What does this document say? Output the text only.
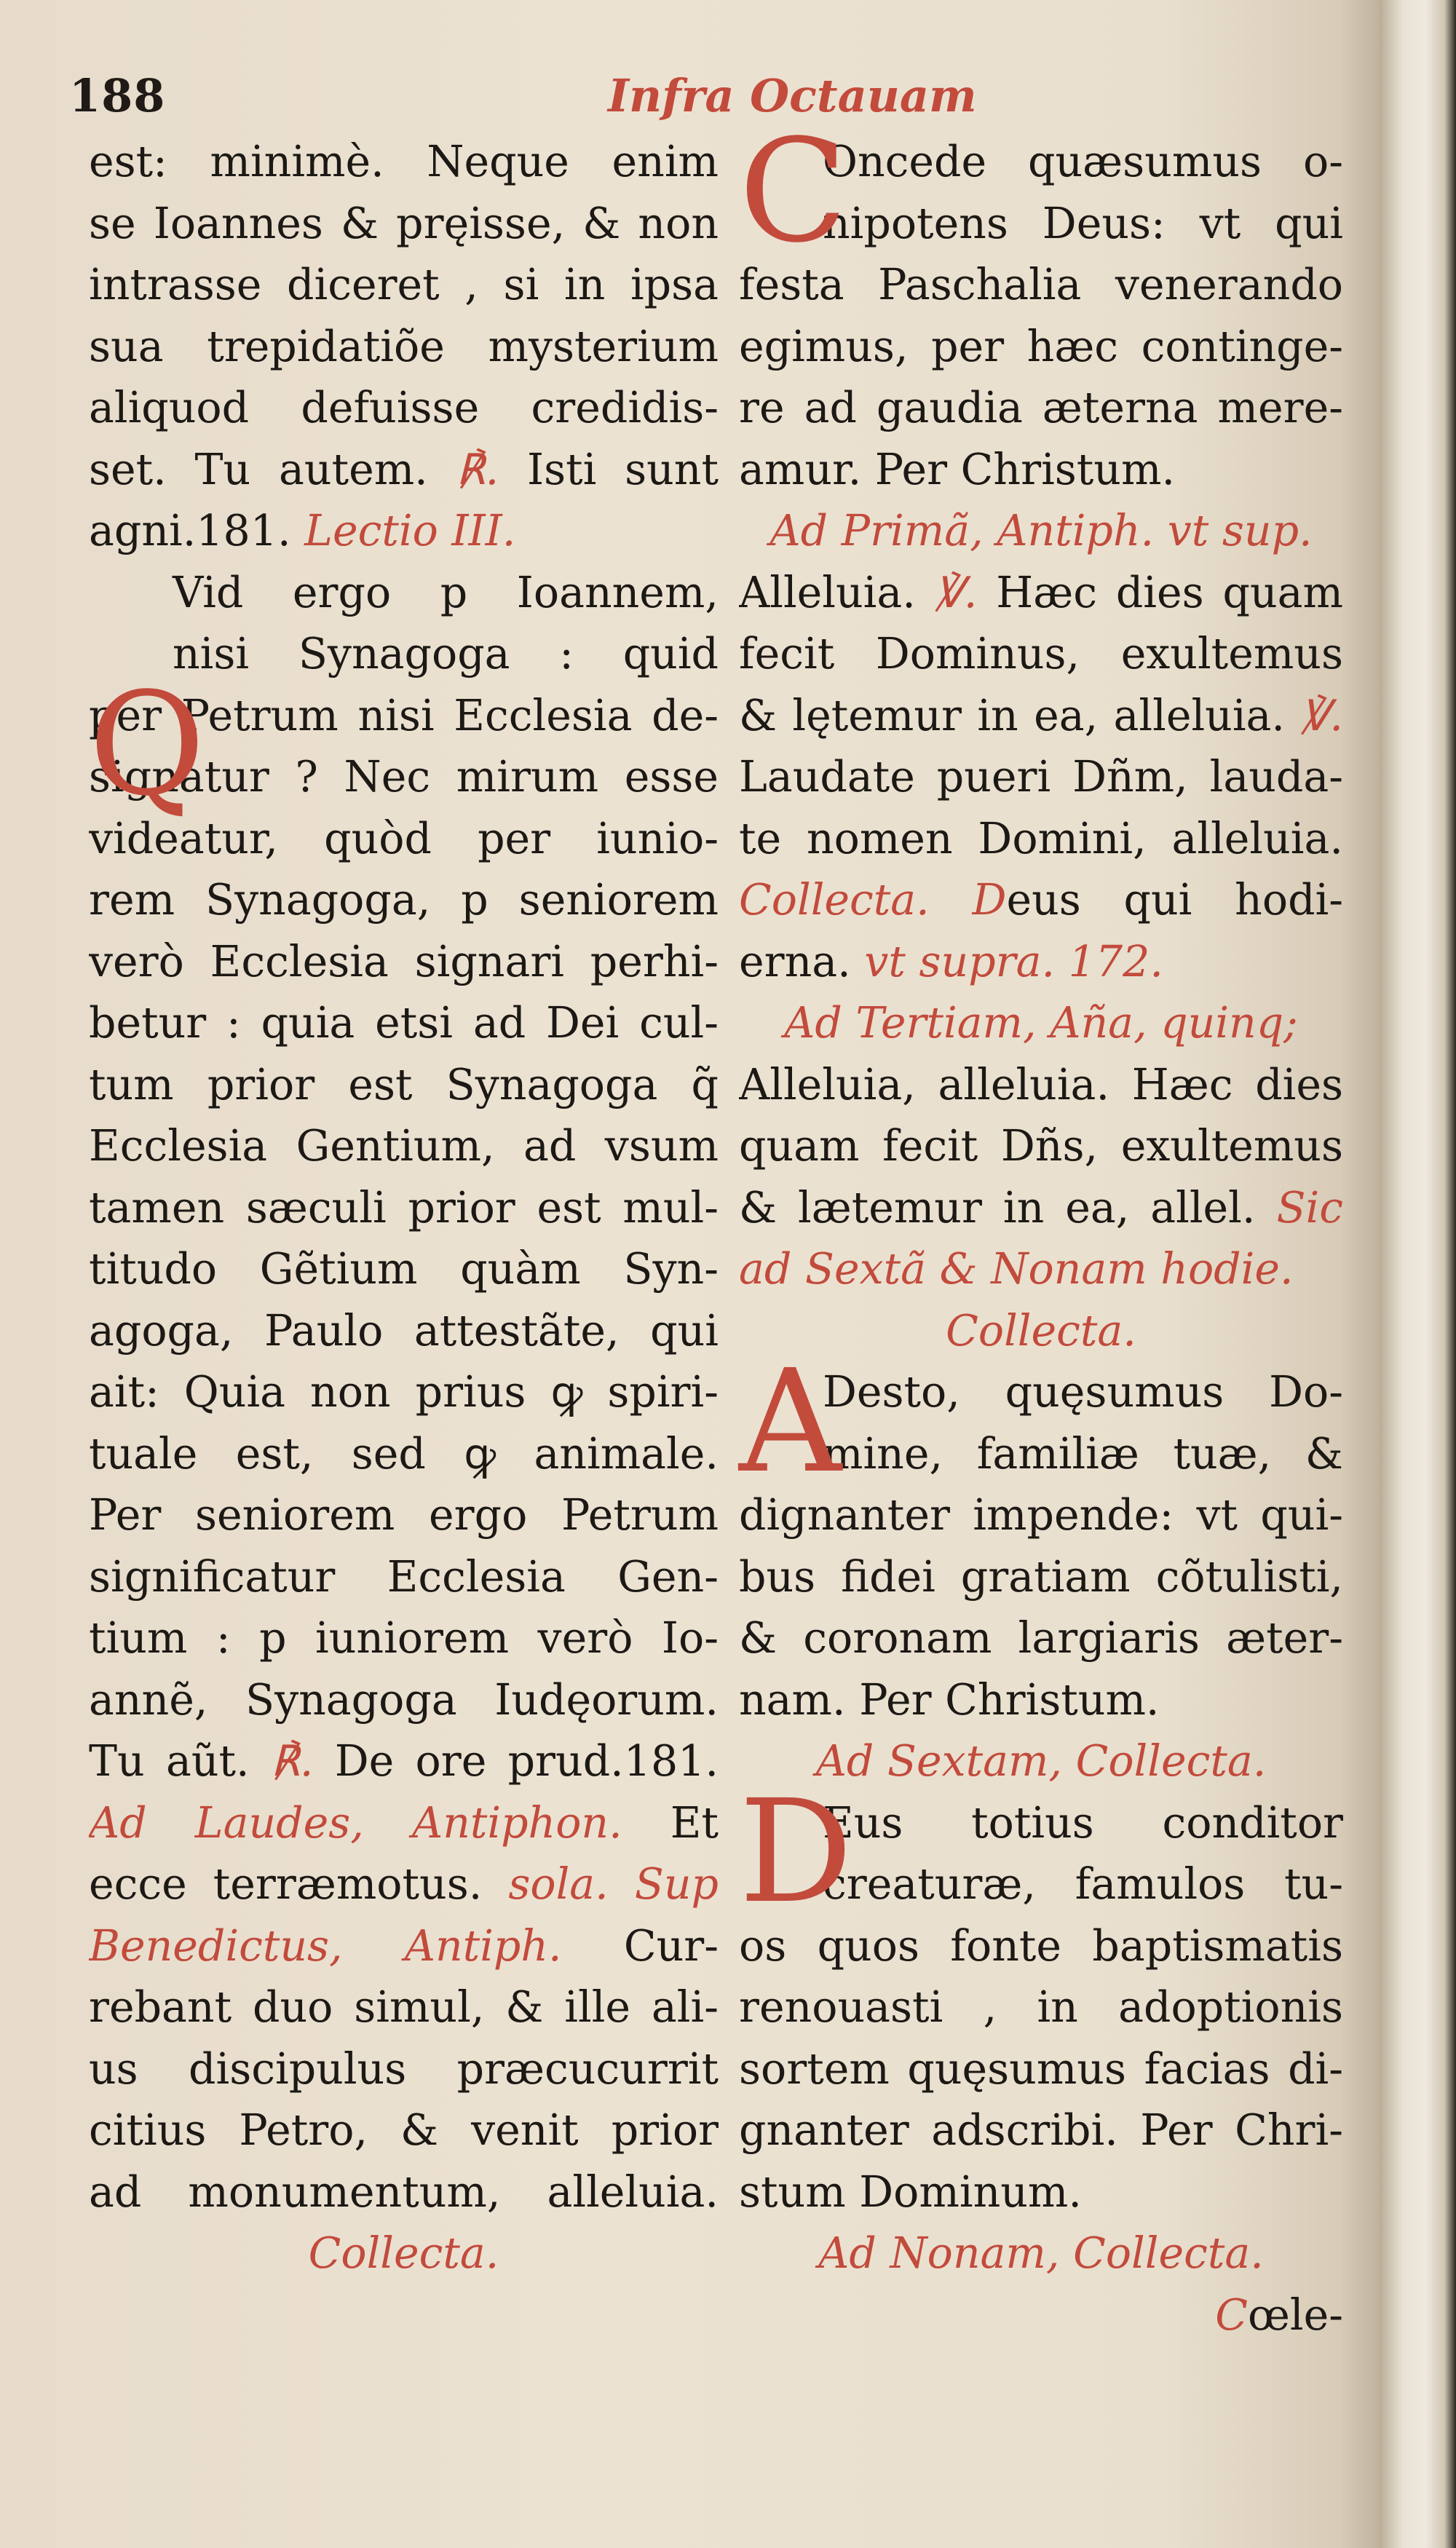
188	Infra Octauam
Q
est: minimè. Neque enim
se Ioannes & pręisse, & non
intrasse diceret , si in ipsa
sua trepidatiõe mysterium
aliquod defuisse credidis-
set. Tu autem. ℟. Isti sunt
agni.181. Lectio III.
Vid ergo p Ioannem,
nisi Synagoga : quid
per Petrum nisi Ecclesia de-
signatur ? Nec mirum esse
videatur, quòd per iunio-
rem Synagoga, p seniorem
verò Ecclesia signari perhi-
betur : quia etsi ad Dei cul-
tum prior est Synagoga q̃
Ecclesia Gentium, ad vsum
tamen sæculi prior est mul-
titudo Gẽtium quàm Syn-
agoga, Paulo attestãte, qui
ait: Quia non prius ꝙ spiri-
tuale est, sed ꝙ animale.
Per seniorem ergo Petrum
significatur Ecclesia Gen-
tium : p iuniorem verò Io-
annẽ, Synagoga Iudęorum.
Tu aũt. ℟. De ore prud.181.
Ad Laudes, Antiphon. Et
ecce terræmotus. sola. Sup
Benedictus, Antiph. Cur-
rebant duo simul, & ille ali-
us discipulus præcucurrit
citius Petro, & venit prior
ad monumentum, alleluia.
Collecta.
C
A
D
Oncede quæsumus o-
nipotens Deus: vt qui
festa Paschalia venerando
egimus, per hæc continge-
re ad gaudia æterna mere-
amur. Per Christum.
Ad Primã, Antiph. vt sup.
Alleluia. ℣. Hæc dies quam
fecit Dominus, exultemus
& lętemur in ea, alleluia. ℣.
Laudate pueri Dñm, lauda-
te nomen Domini, alleluia.
Collecta. Deus qui hodi-
erna. vt supra. 172.
Ad Tertiam, Aña, quinq;
Alleluia, alleluia. Hæc dies
quam fecit Dñs, exultemus
& lætemur in ea, allel. Sic
ad Sextã & Nonam hodie.
Collecta.
Desto, quęsumus Do-
mine, familiæ tuæ, &
dignanter impende: vt qui-
bus fidei gratiam cõtulisti,
& coronam largiaris æter-
nam. Per Christum.
Ad Sextam, Collecta.
Eus totius conditor
creaturæ, famulos tu-
os quos fonte baptismatis
renouasti , in adoptionis
sortem quęsumus facias di-
gnanter adscribi. Per Chri-
stum Dominum.
Ad Nonam, Collecta.
Cœle-
